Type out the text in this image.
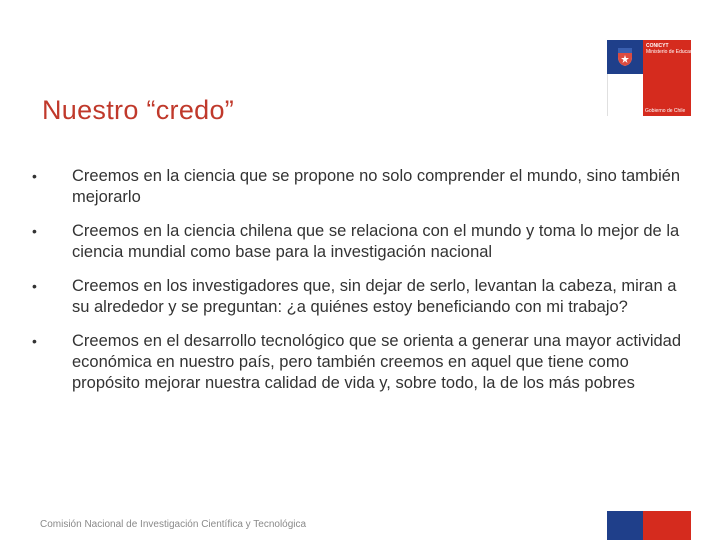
CONICYT
Ministerio de Educación
Gobierno de Chile
Nuestro “credo”
• Creemos en la ciencia que se propone no solo comprender el mundo, sino también mejorarlo
• Creemos en la ciencia chilena que se relaciona con el mundo y toma lo mejor de la ciencia mundial como base para la investigación nacional
• Creemos en los investigadores que, sin dejar de serlo, levantan la cabeza, miran a su alrededor y se preguntan: ¿a quiénes estoy beneficiando con mi trabajo?
• Creemos en el desarrollo tecnológico que se orienta a generar una mayor actividad económica en nuestro país, pero también creemos en aquel que tiene como propósito mejorar nuestra calidad de vida y, sobre todo, la de los más pobres
Comisión Nacional de Investigación Científica y Tecnológica
